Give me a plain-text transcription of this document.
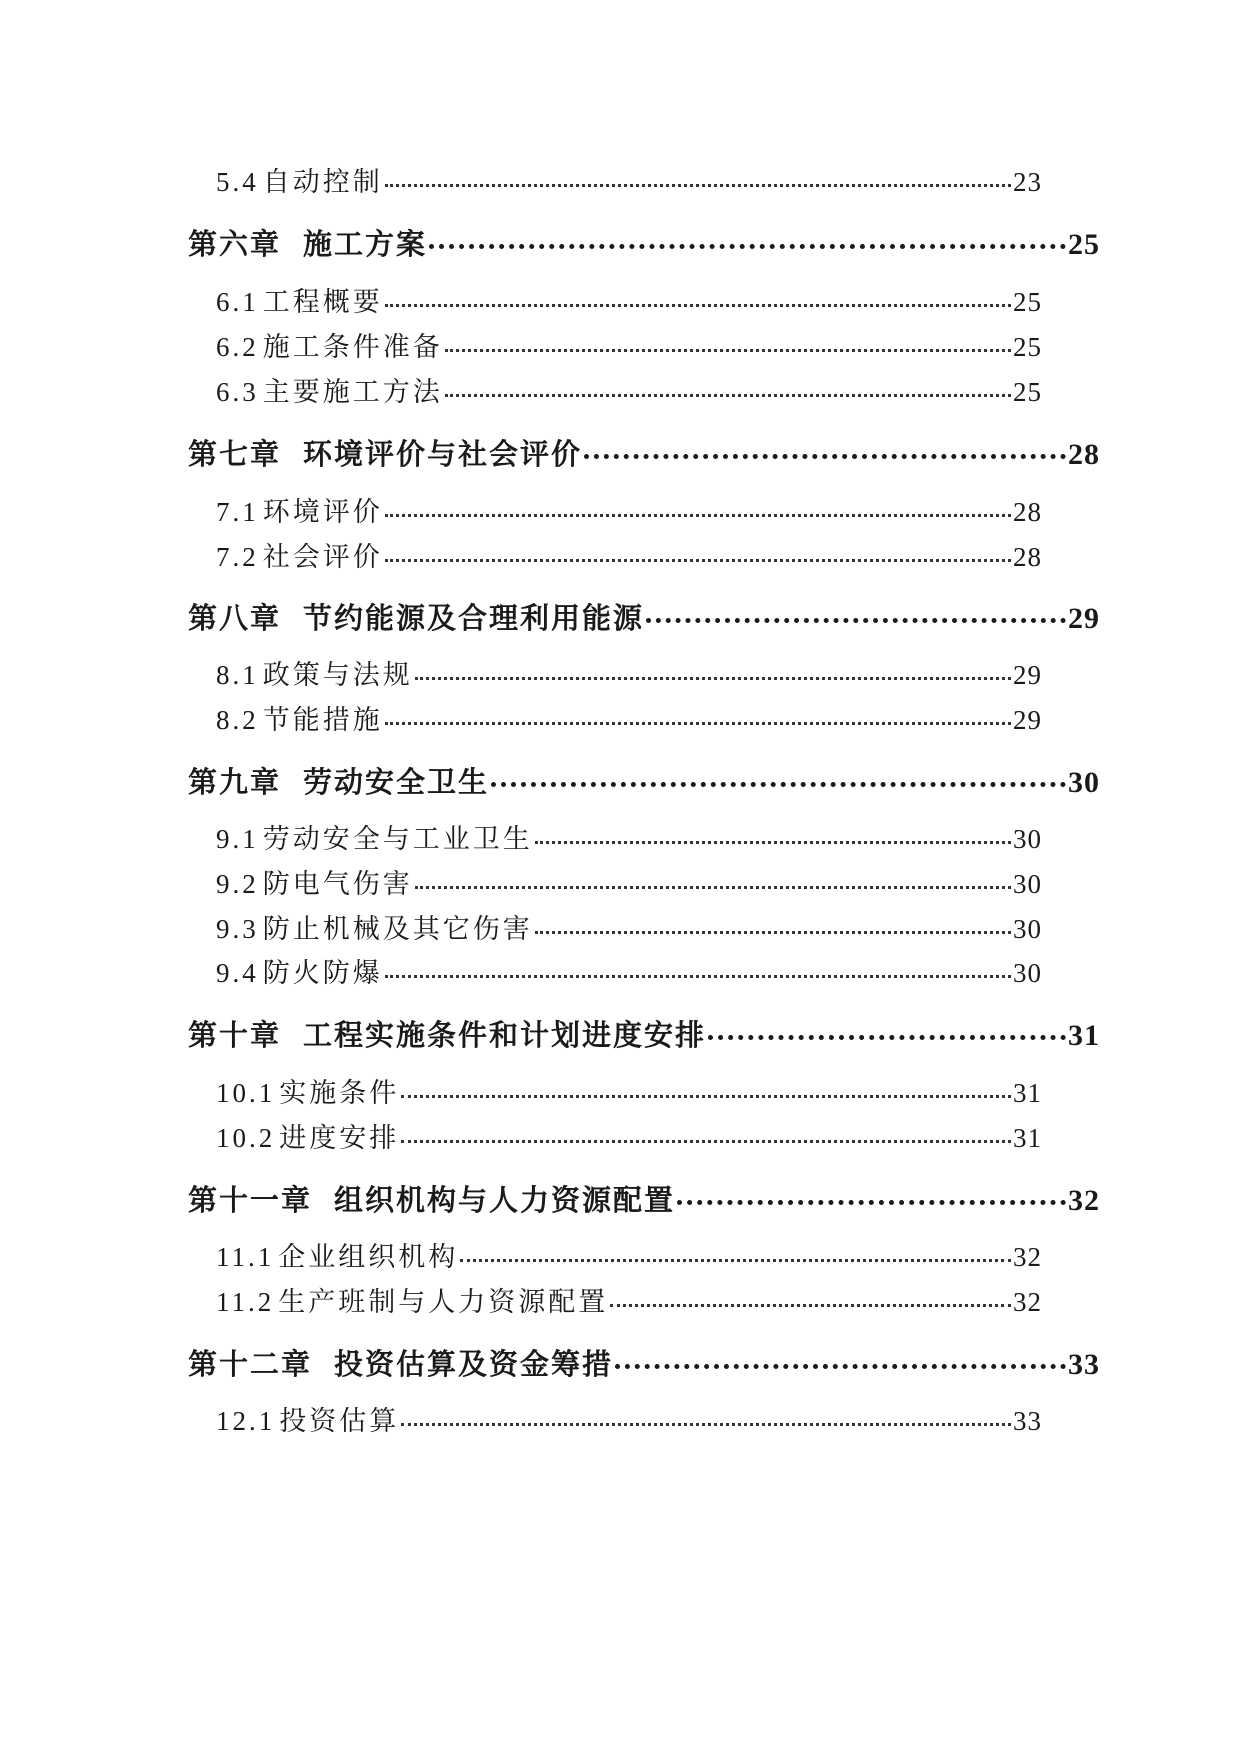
5.4 自动控制	23
第六章 施工方案	25
6.1 工程概要	25
6.2 施工条件准备	25
6.3 主要施工方法	25
第七章 环境评价与社会评价	28
7.1 环境评价	28
7.2 社会评价	28
第八章 节约能源及合理利用能源	29
8.1 政策与法规	29
8.2 节能措施	29
第九章 劳动安全卫生	30
9.1 劳动安全与工业卫生	30
9.2 防电气伤害	30
9.3 防止机械及其它伤害	30
9.4 防火防爆	30
第十章 工程实施条件和计划进度安排	31
10.1 实施条件	31
10.2 进度安排	31
第十一章 组织机构与人力资源配置	32
11.1 企业组织机构	32
11.2 生产班制与人力资源配置	32
第十二章 投资估算及资金筹措	33
12.1 投资估算	33
